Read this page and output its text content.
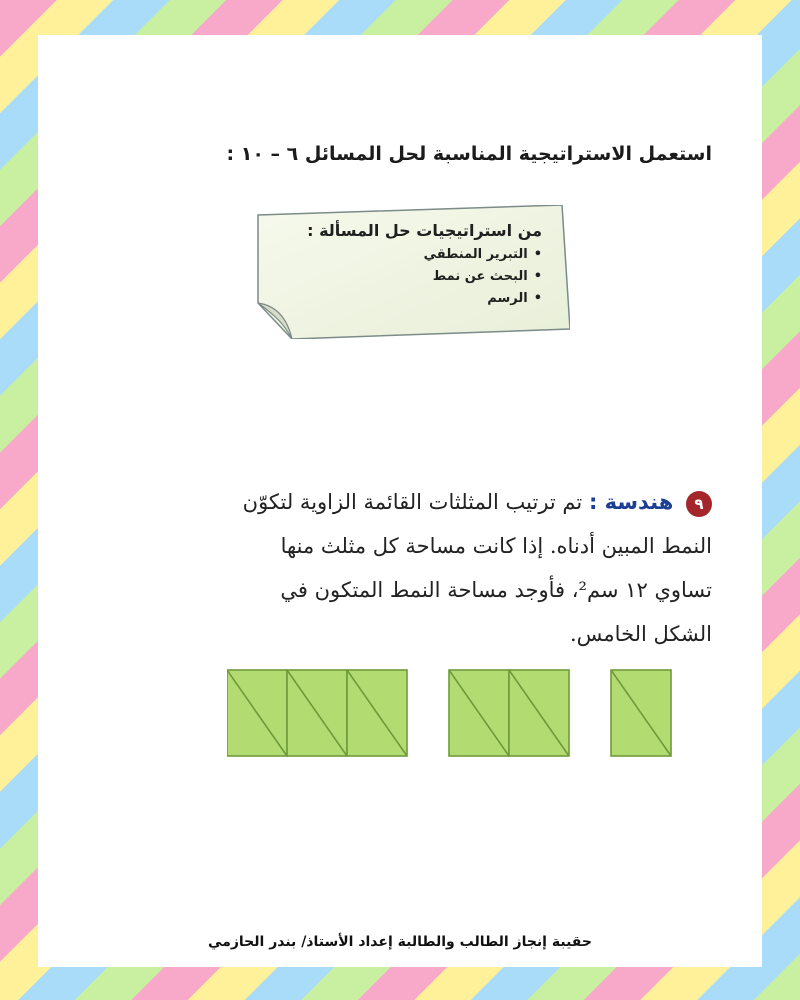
استعمل الاستراتيجية المناسبة لحل المسائل ٦ – ١٠ :
من استراتيجيات حل المسألة :
•التبرير المنطقي
•البحث عن نمط
•الرسم
٩ هندسة : تم ترتيب المثلثات القائمة الزاوية لتكوّن النمط المبين أدناه. إذا كانت مساحة كل مثلث منها تساوي ١٢ سم²، فأوجد مساحة النمط المتكون في الشكل الخامس.
حقيبة إنجاز الطالب والطالبة إعداد الأستاذ/ بندر الحازمي
